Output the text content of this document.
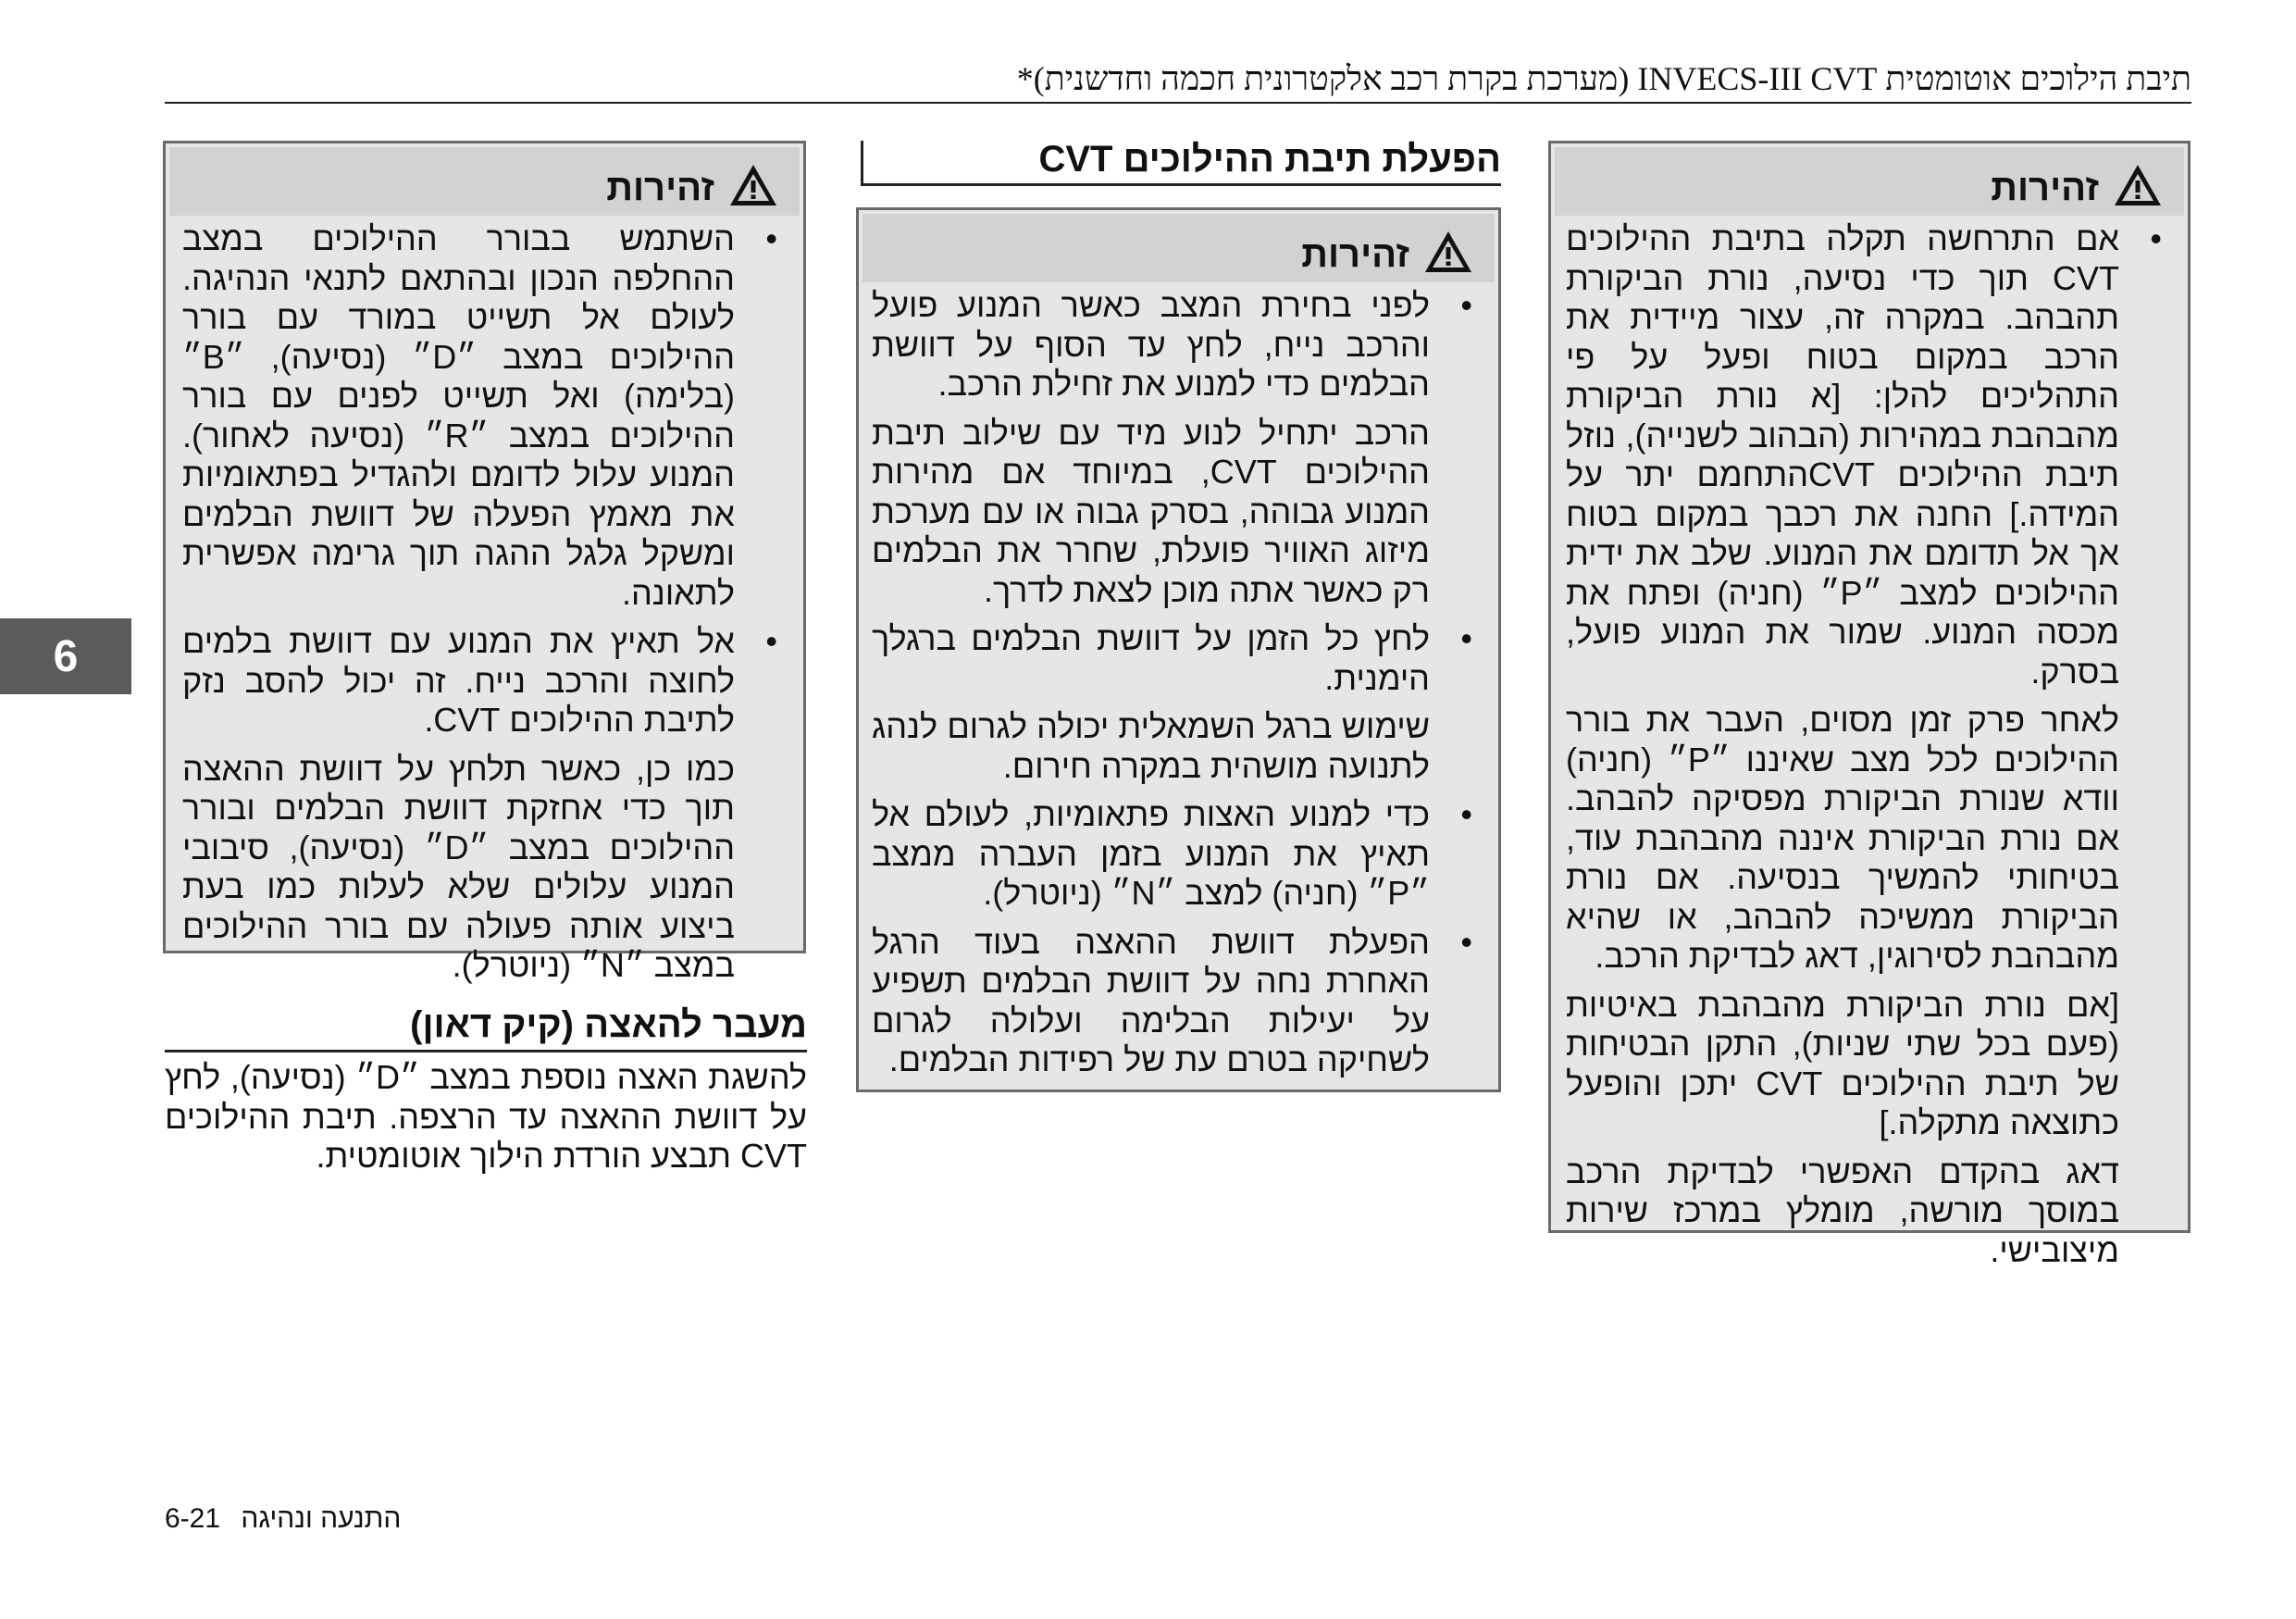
תיבת הילוכים אוטומטית INVECS-III CVT (מערכת בקרת רכב אלקטרונית חכמה וחדשנית)*
6
זהירות
• השתמש בבורר ההילוכים במצב ההחלפה הנכון ובהתאם לתנאי הנהיגה. לעולם אל תשייט במורד עם בורר ההילוכים במצב ״D״ (נסיעה), ״B״ (בלימה) ואל תשייט לפנים עם בורר ההילוכים במצב ״R״ (נסיעה לאחור). המנוע עלול לדומם ולהגדיל בפתאומיות את מאמץ הפעלה של דוושת הבלמים ומשקל גלגל ההגה תוך גרימה אפשרית לתאונה.
• אל תאיץ את המנוע עם דוושת בלמים לחוצה והרכב נייח. זה יכול להסב נזק לתיבת ההילוכים CVT.
כמו כן, כאשר תלחץ על דוושת ההאצה תוך כדי אחזקת דוושת הבלמים ובורר ההילוכים במצב ״D״ (נסיעה), סיבובי המנוע עלולים שלא לעלות כמו בעת ביצוע אותה פעולה עם בורר ההילוכים במצב ״N״ (ניוטרל).
מעבר להאצה (קיק דאון)
להשגת האצה נוספת במצב ״D״ (נסיעה), לחץ על דוושת ההאצה עד הרצפה. תיבת ההילוכים CVT תבצע הורדת הילוך אוטומטית.
הפעלת תיבת ההילוכים CVT
זהירות
• לפני בחירת המצב כאשר המנוע פועל והרכב נייח, לחץ עד הסוף על דוושת הבלמים כדי למנוע את זחילת הרכב.
הרכב יתחיל לנוע מיד עם שילוב תיבת ההילוכים CVT, במיוחד אם מהירות המנוע גבוהה, בסרק גבוה או עם מערכת מיזוג האוויר פועלת, שחרר את הבלמים רק כאשר אתה מוכן לצאת לדרך.
• לחץ כל הזמן על דוושת הבלמים ברגלך הימנית.
שימוש ברגל השמאלית יכולה לגרום לנהג לתנועה מושהית במקרה חירום.
• כדי למנוע האצות פתאומיות, לעולם אל תאיץ את המנוע בזמן העברה ממצב ״P״ (חניה) למצב ״N״ (ניוטרל).
• הפעלת דוושת ההאצה בעוד הרגל האחרת נחה על דוושת הבלמים תשפיע על יעילות הבלימה ועלולה לגרום לשחיקה בטרם עת של רפידות הבלמים.
זהירות
• אם התרחשה תקלה בתיבת ההילוכים CVT תוך כדי נסיעה, נורת הביקורת תהבהב. במקרה זה, עצור מיידית את הרכב במקום בטוח ופעל על פי התהליכים להלן: [א נורת הביקורת מהבהבת במהירות (הבהוב לשנייה), נוזל תיבת ההילוכים CVTהתחמם יתר על המידה.] החנה את רכבך במקום בטוח אך אל תדומם את המנוע. שלב את ידית ההילוכים למצב ״P״ (חניה) ופתח את מכסה המנוע. שמור את המנוע פועל, בסרק.
לאחר פרק זמן מסוים, העבר את בורר ההילוכים לכל מצב שאיננו ״P״ (חניה) וודא שנורת הביקורת מפסיקה להבהב. אם נורת הביקורת איננה מהבהבת עוד, בטיחותי להמשיך בנסיעה. אם נורת הביקורת ממשיכה להבהב, או שהיא מהבהבת לסירוגין, דאג לבדיקת הרכב.
[אם נורת הביקורת מהבהבת באיטיות (פעם בכל שתי שניות), התקן הבטיחות של תיבת ההילוכים CVT יתכן והופעל כתוצאה מתקלה.]
דאג בהקדם האפשרי לבדיקת הרכב במוסך מורשה, מומלץ במרכז שירות מיצובישי.
6-21 התנעה ונהיגה
